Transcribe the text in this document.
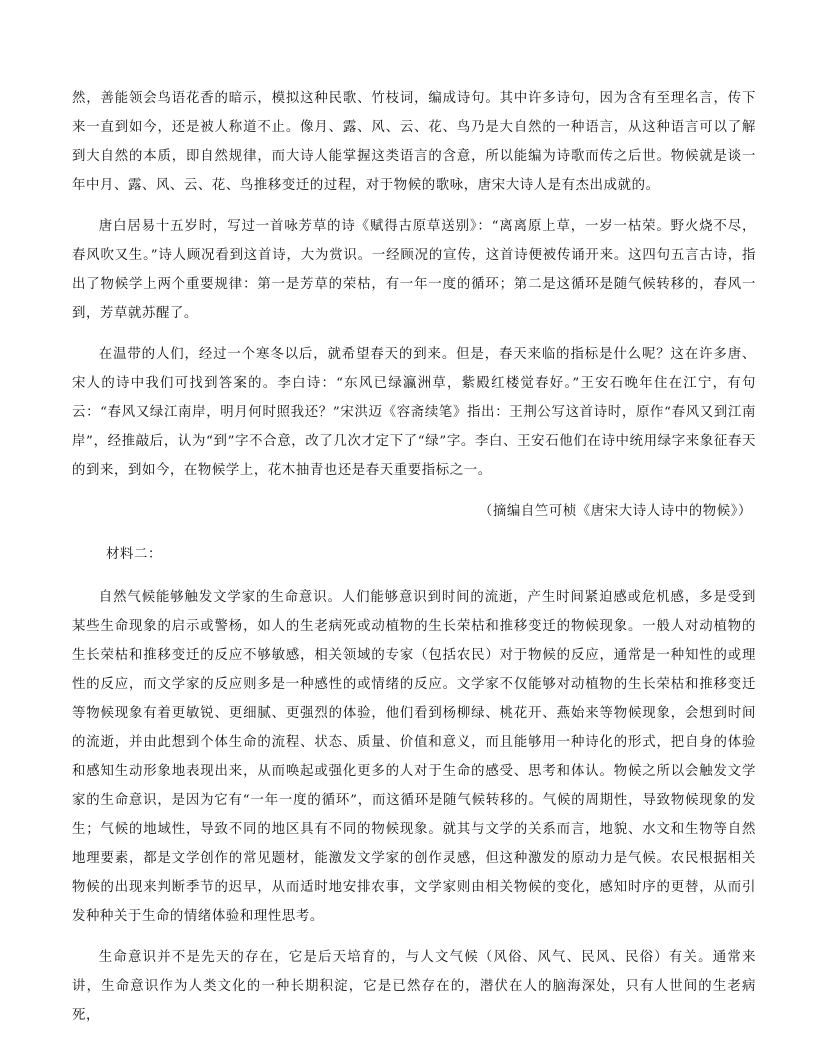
然，善能领会鸟语花香的暗示，模拟这种民歌、竹枝词，编成诗句。其中许多诗句，因为含有至理名言，传下来一直到如今，还是被人称道不止。像月、露、风、云、花、鸟乃是大自然的一种语言，从这种语言可以了解到大自然的本质，即自然规律，而大诗人能掌握这类语言的含意，所以能编为诗歌而传之后世。物候就是谈一年中月、露、风、云、花、鸟推移变迁的过程，对于物候的歌咏，唐宋大诗人是有杰出成就的。

唐白居易十五岁时，写过一首咏芳草的诗《赋得古原草送别》：“离离原上草，一岁一枯荣。野火烧不尽，春风吹又生。”诗人顾况看到这首诗，大为赏识。一经顾况的宣传，这首诗便被传诵开来。这四句五言古诗，指出了物候学上两个重要规律：第一是芳草的荣枯，有一年一度的循环；第二是这循环是随气候转移的，春风一到，芳草就苏醒了。

在温带的人们，经过一个寒冬以后，就希望春天的到来。但是，春天来临的指标是什么呢？这在许多唐、宋人的诗中我们可找到答案的。李白诗：“东风已绿瀛洲草，紫殿红楼觉春好。”王安石晚年住在江宁，有句云：“春风又绿江南岸，明月何时照我还？”宋洪迈《容斋续笔》指出：王荆公写这首诗时，原作“春风又到江南岸”，经推敲后，认为“到”字不合意，改了几次才定下了“绿”字。李白、王安石他们在诗中统用绿字来象征春天的到来，到如今，在物候学上，花木抽青也还是春天重要指标之一。

（摘编自竺可桢《唐宋大诗人诗中的物候》）

材料二：

自然气候能够触发文学家的生命意识。人们能够意识到时间的流逝，产生时间紧迫感或危机感，多是受到某些生命现象的启示或警杨，如人的生老病死或动植物的生长荣枯和推移变迁的物候现象。一般人对动植物的生长荣枯和推移变迁的反应不够敏感，相关领域的专家（包括农民）对于物候的反应，通常是一种知性的或理性的反应，而文学家的反应则多是一种感性的或情绪的反应。文学家不仅能够对动植物的生长荣枯和推移变迁等物候现象有着更敏锐、更细腻、更强烈的体验，他们看到杨柳绿、桃花开、燕始来等物候现象，会想到时间的流逝，并由此想到个体生命的流程、状态、质量、价值和意义，而且能够用一种诗化的形式，把自身的体验和感知生动形象地表现出来，从而唤起或强化更多的人对于生命的感受、思考和体认。物候之所以会触发文学家的生命意识，是因为它有“一年一度的循环”，而这循环是随气候转移的。气候的周期性，导致物候现象的发生；气候的地域性，导致不同的地区具有不同的物候现象。就其与文学的关系而言，地貌、水文和生物等自然地理要素，都是文学创作的常见题材，能激发文学家的创作灵感，但这种激发的原动力是气候。农民根据相关物候的出现来判断季节的迟早，从而适时地安排农事，文学家则由相关物候的变化，感知时序的更替，从而引发种种关于生命的情绪体验和理性思考。

生命意识并不是先天的存在，它是后天培育的，与人文气候（风俗、风气、民风、民俗）有关。通常来讲，生命意识作为人类文化的一种长期积淀，它是已然存在的，潜伏在人的脑海深处，只有人世间的生老病死，
